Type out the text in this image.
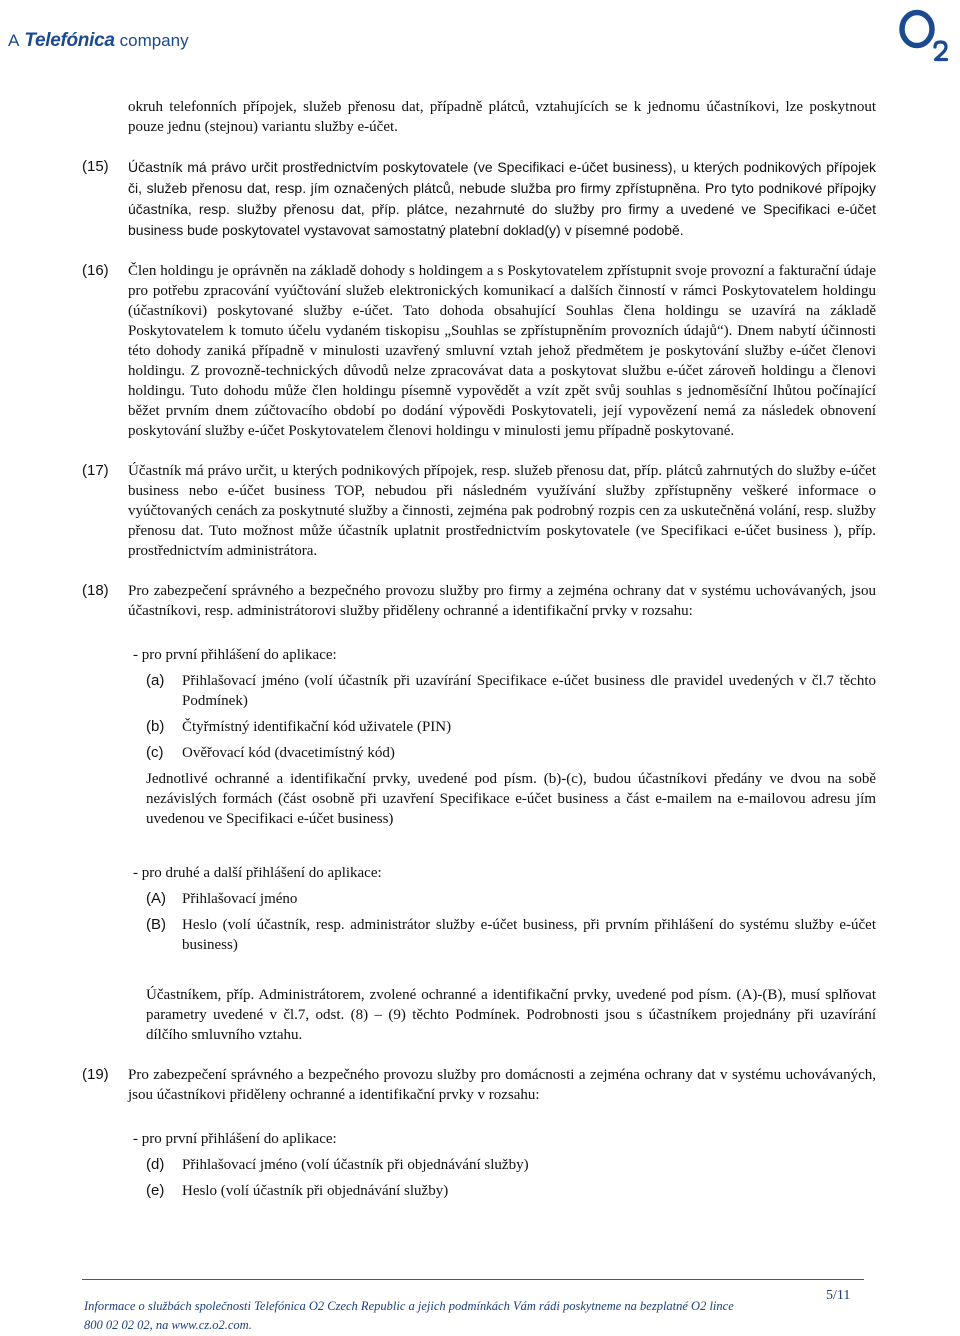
A Telefónica company
okruh telefonních přípojek, služeb přenosu dat, případně plátců, vztahujících se k jednomu účastníkovi, lze poskytnout pouze jednu (stejnou) variantu služby e-účet.
(15) Účastník má právo určit prostřednictvím poskytovatele (ve Specifikaci e-účet business), u kterých podnikových přípojek či, služeb přenosu dat, resp. jím označených plátců, nebude služba pro firmy zpřístupněna. Pro tyto podnikové přípojky účastníka, resp. služby přenosu dat, příp. plátce, nezahrnuté do služby pro firmy a uvedené ve Specifikaci e-účet business bude poskytovatel vystavovat samostatný platební doklad(y) v písemné podobě.
(16) Člen holdingu je oprávněn na základě dohody s holdingem a s Poskytovatelem zpřístupnit svoje provozní a fakturační údaje pro potřebu zpracování vyúčtování služeb elektronických komunikací a dalších činností v rámci Poskytovatelem holdingu (účastníkovi) poskytované služby e-účet. Tato dohoda obsahující Souhlas člena holdingu se uzavírá na základě Poskytovatelem k tomuto účelu vydaném tiskopisu „Souhlas se zpřístupněním provozních údajů“). Dnem nabytí účinnosti této dohody zaniká případně v minulosti uzavřený smluvní vztah jehož předmětem je poskytování služby e-účet členovi holdingu. Z provozně-technických důvodů nelze zpracovávat data a poskytovat službu e-účet zároveň holdingu a členovi holdingu. Tuto dohodu může člen holdingu písemně vypovědět a vzít zpět svůj souhlas s jednoměsíční lhůtou počínající běžet prvním dnem zúčtovacího období po dodání výpovědi Poskytovateli, její vypovězení nemá za následek obnovení poskytování služby e-účet Poskytovatelem členovi holdingu v minulosti jemu případně poskytované.
(17) Účastník má právo určit, u kterých podnikových přípojek, resp. služeb přenosu dat, příp. plátců zahrnutých do služby e-účet business nebo e-účet business TOP, nebudou při následném využívání služby zpřístupněny veškeré informace o vyúčtovaných cenách za poskytnuté služby a činnosti, zejména pak podrobný rozpis cen za uskutečněná volání, resp. služby přenosu dat. Tuto možnost může účastník uplatnit prostřednictvím poskytovatele (ve Specifikaci e-účet business ), příp. prostřednictvím administrátora.
(18) Pro zabezpečení správného a bezpečného provozu služby pro firmy a zejména ochrany dat v systému uchovávaných, jsou účastníkovi, resp. administrátorovi služby přiděleny ochranné a identifikační prvky v rozsahu:
- pro první přihlášení do aplikace:
(a) Přihlašovací jméno (volí účastník při uzavírání Specifikace e-účet business dle pravidel uvedených v čl.7 těchto Podmínek)
(b) Čtyřmístný identifikační kód uživatele (PIN)
(c) Ověřovací kód (dvacetimístný kód)
Jednotlivé ochranné a identifikační prvky, uvedené pod písm. (b)-(c), budou účastníkovi předány ve dvou na sobě nezávislých formách (část osobně při uzavření Specifikace e-účet business a část e-mailem na e-mailovou adresu jím uvedenou ve Specifikaci e-účet business)
- pro druhé a další přihlášení do aplikace:
(A) Přihlašovací jméno
(B) Heslo (volí účastník, resp. administrátor služby e-účet business, při prvním přihlášení do systému služby e-účet business)
Účastníkem, příp. Administrátorem, zvolené ochranné a identifikační prvky, uvedené pod písm. (A)-(B), musí splňovat parametry uvedené v čl.7, odst. (8) – (9) těchto Podmínek. Podrobnosti jsou s účastníkem projednány při uzavírání dílčího smluvního vztahu.
(19) Pro zabezpečení správného a bezpečného provozu služby pro domácnosti a zejména ochrany dat v systému uchovávaných, jsou účastníkovi přiděleny ochranné a identifikační prvky v rozsahu:
- pro první přihlášení do aplikace:
(d) Přihlašovací jméno (volí účastník při objednávání služby)
(e) Heslo (volí účastník při objednávání služby)
Informace o službách společnosti Telefónica O2 Czech Republic a jejich podmínkách Vám rádi poskytneme na bezplatné O2 lince
800 02 02 02, na www.cz.o2.com.
5/11
